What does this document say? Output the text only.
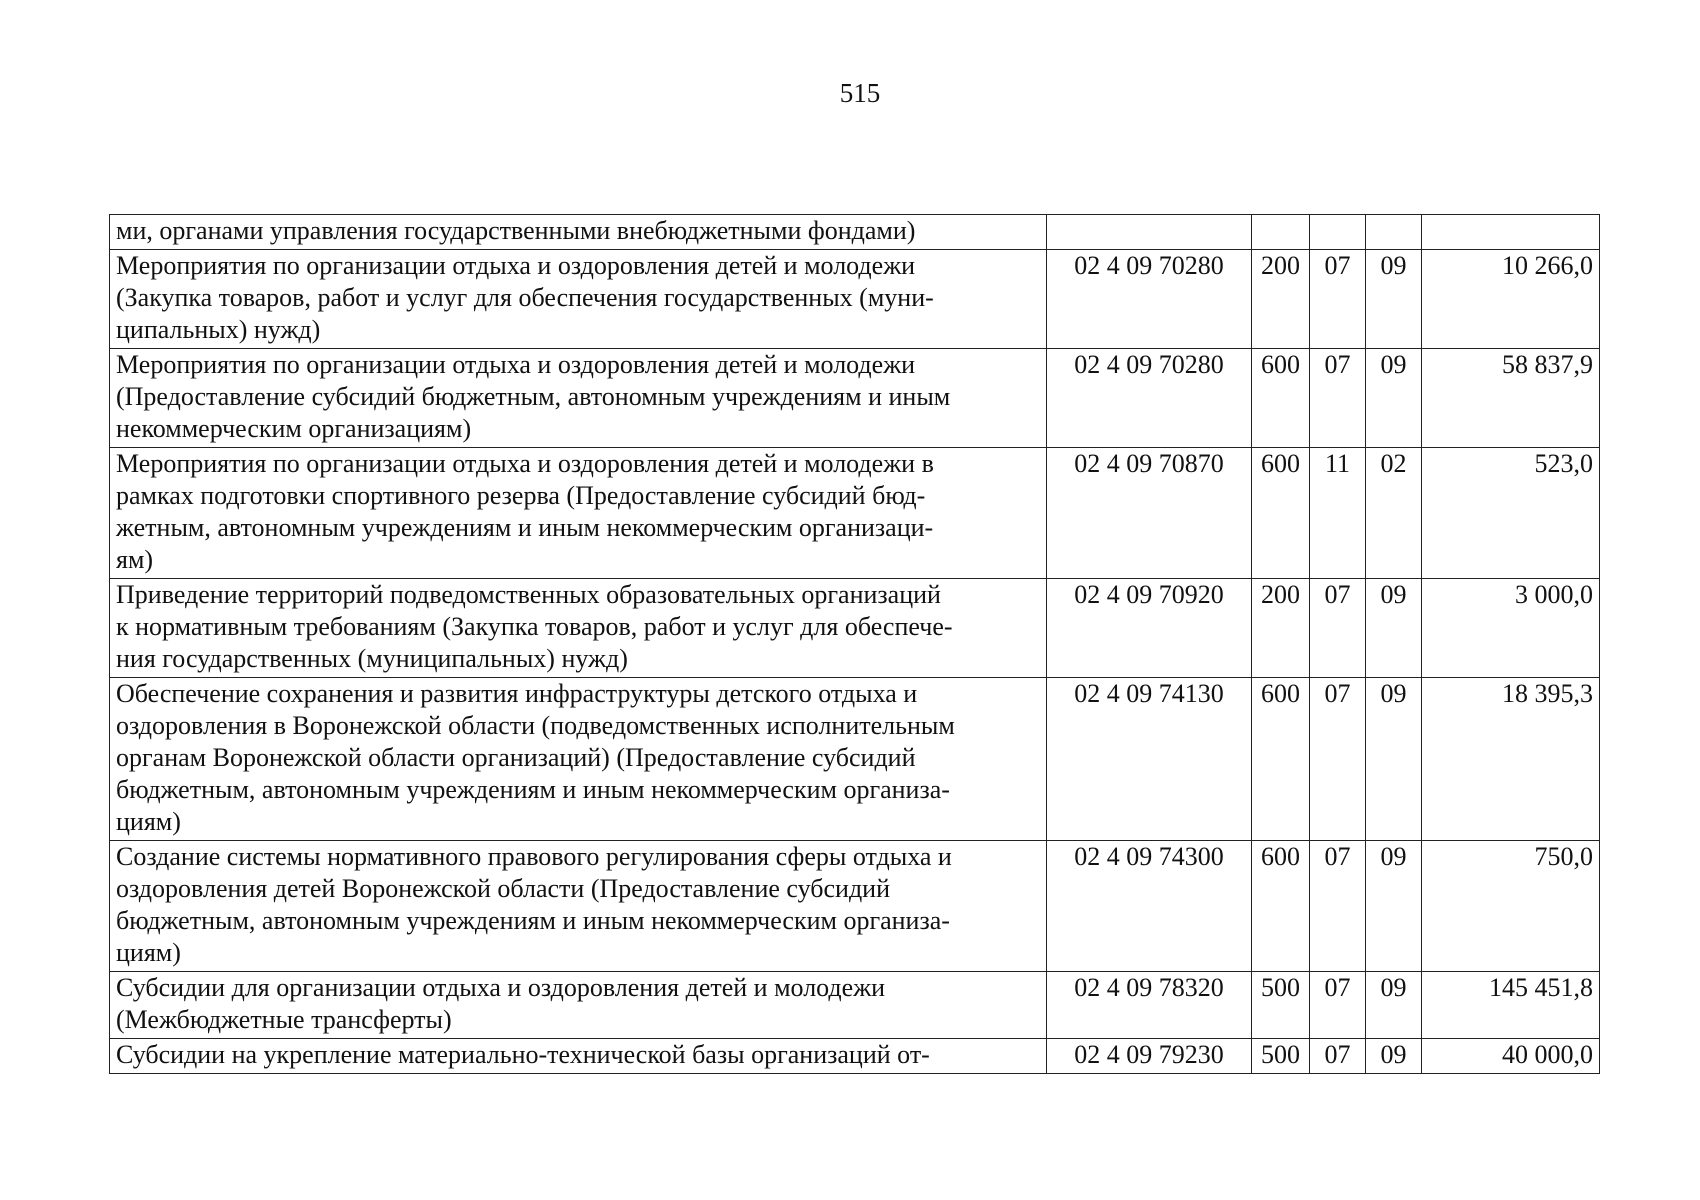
515
ми, органами управления государственными внебюджетными фондами)					

Мероприятия по организации отдыха и оздоровления детей и молодежи
(Закупка товаров, работ и услуг для обеспечения государственных (муни-
ципальных) нужд)	02 4 09 70280	200	07	09	10 266,0

Мероприятия по организации отдыха и оздоровления детей и молодежи
(Предоставление субсидий бюджетным, автономным учреждениям и иным
некоммерческим организациям)	02 4 09 70280	600	07	09	58 837,9

Мероприятия по организации отдыха и оздоровления детей и молодежи в
рамках подготовки спортивного резерва (Предоставление субсидий бюд-
жетным, автономным учреждениям и иным некоммерческим организаци-
ям)	02 4 09 70870	600	11	02	523,0

Приведение территорий подведомственных образовательных организаций
к нормативным требованиям (Закупка товаров, работ и услуг для обеспече-
ния государственных (муниципальных) нужд)	02 4 09 70920	200	07	09	3 000,0

Обеспечение сохранения и развития инфраструктуры детского отдыха и
оздоровления в Воронежской области (подведомственных исполнительным
органам Воронежской области организаций) (Предоставление субсидий
бюджетным, автономным учреждениям и иным некоммерческим организа-
циям)	02 4 09 74130	600	07	09	18 395,3

Создание системы нормативного правового регулирования сферы отдыха и
оздоровления детей Воронежской области (Предоставление субсидий
бюджетным, автономным учреждениям и иным некоммерческим организа-
циям)	02 4 09 74300	600	07	09	750,0

Субсидии для организации отдыха и оздоровления детей и молодежи
(Межбюджетные трансферты)	02 4 09 78320	500	07	09	145 451,8

Субсидии на укрепление материально-технической базы организаций от-	02 4 09 79230	500	07	09	40 000,0
